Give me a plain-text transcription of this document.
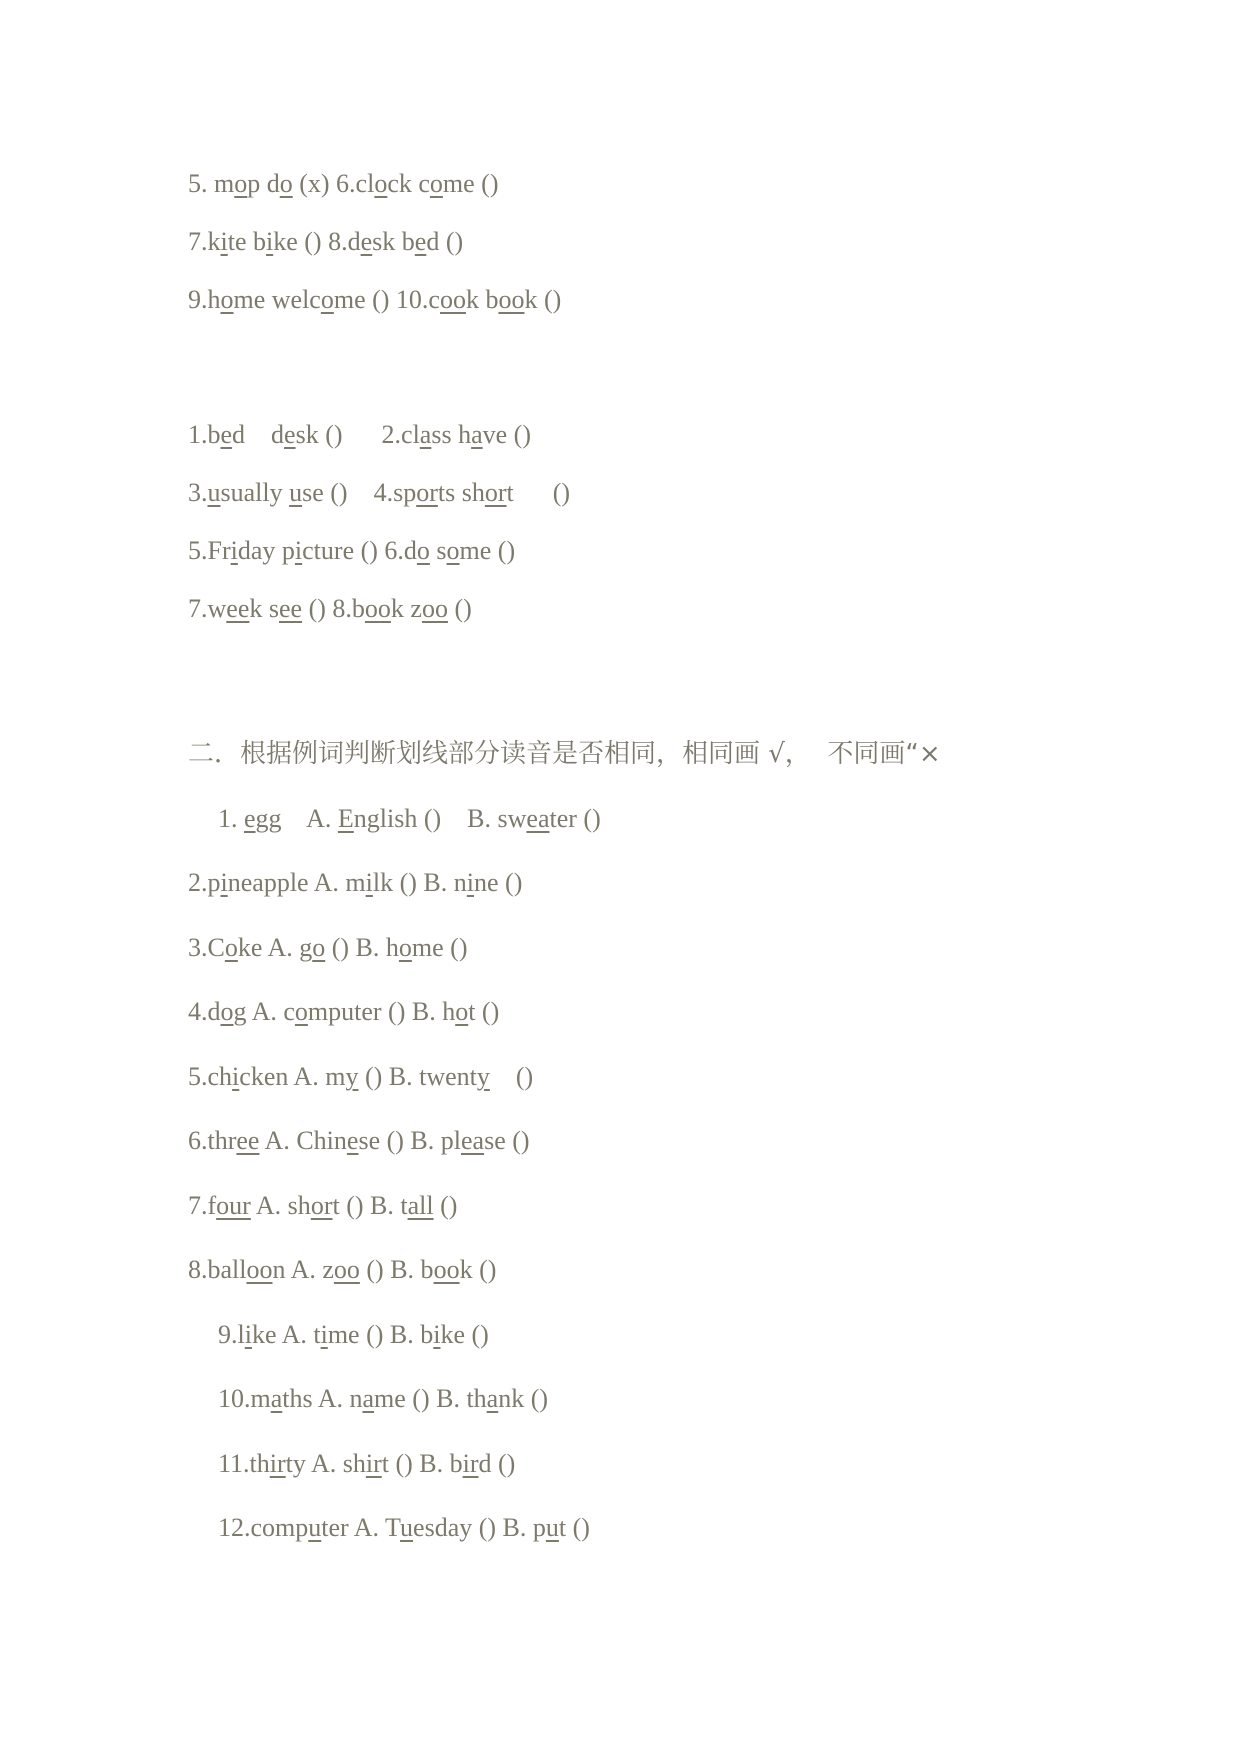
5. mop do (x) 6.clock come ()
7.kite bike () 8.desk bed ()
9.home welcome () 10.cook book ()
1.bed    desk ()      2.class have ()
3.usually use ()    4.sports short      ()
5.Friday picture () 6.do some ()
7.week see () 8.book zoo ()
二．根据例词判断划线部分读音是否相同，相同画 √，  不同画“×
1. egg    A. English ()    B. sweater ()
2.pineapple A. milk () B. nine ()
3.Coke A. go () B. home ()
4.dog A. computer () B. hot ()
5.chicken A. my () B. twenty    ()
6.three A. Chinese () B. please ()
7.four A. short () B. tall ()
8.balloon A. zoo () B. book ()
9.like A. time () B. bike ()
10.maths A. name () B. thank ()
11.thirty A. shirt () B. bird ()
12.computer A. Tuesday () B. put ()
